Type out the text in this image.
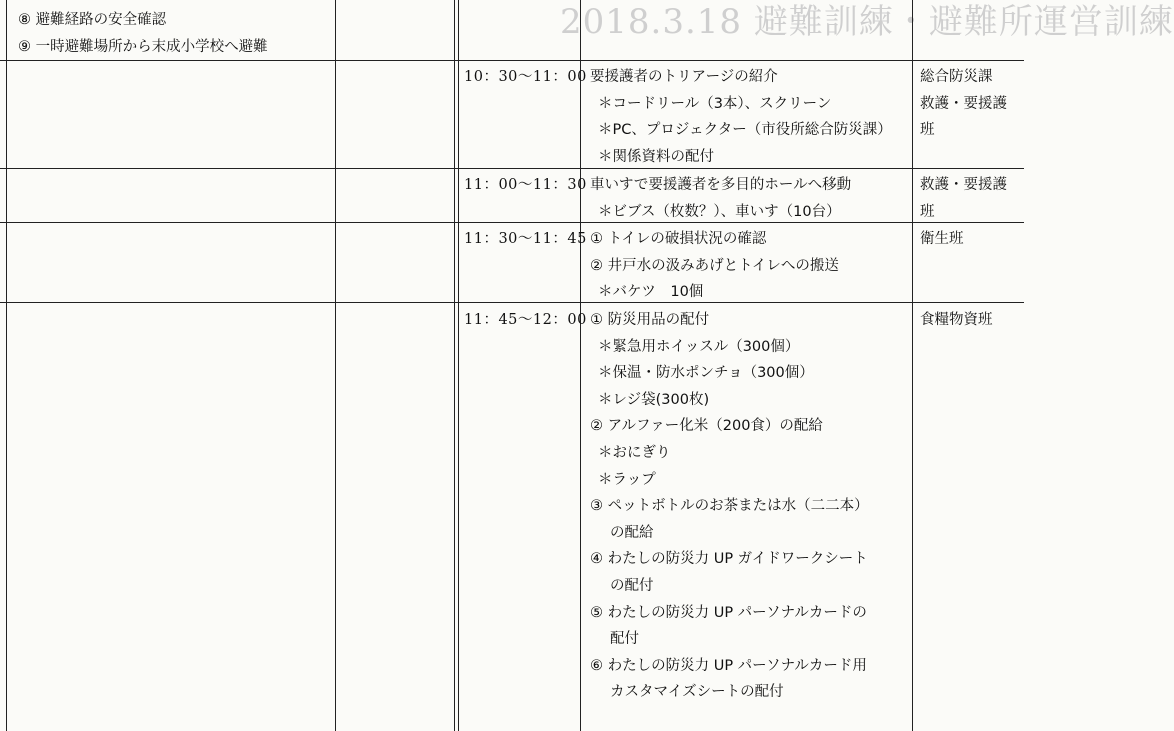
2018.3.18 避難訓練・避難所運営訓練
⑧ 避難経路の安全確認
⑨ 一時避難場所から末成小学校へ避難
10：30〜11：00 要援護者のトリアージの紹介
＊コードリール（3本）、スクリーン
＊PC、プロジェクター（市役所総合防災課）
＊関係資料の配付
総合防災課
救護・要援護
班
11：00〜11：30 車いすで要援護者を多目的ホールへ移動
＊ビブス（枚数？）、車いす（10台）
救護・要援護
班
11：30〜11：45 ① トイレの破損状況の確認
② 井戸水の汲みあげとトイレへの搬送
＊バケツ　10個
衛生班
11：45〜12：00 ① 防災用品の配付
＊緊急用ホイッスル（300個）
＊保温・防水ポンチョ（300個）
＊レジ袋(300枚)
② アルファー化米（200食）の配給
＊おにぎり
＊ラップ
③ ペットボトルのお茶または水（二二本）
の配給
④ わたしの防災力 UP ガイドワークシート
の配付
⑤ わたしの防災力 UP パーソナルカードの
配付
⑥ わたしの防災力 UP パーソナルカード用
カスタマイズシートの配付
食糧物資班
